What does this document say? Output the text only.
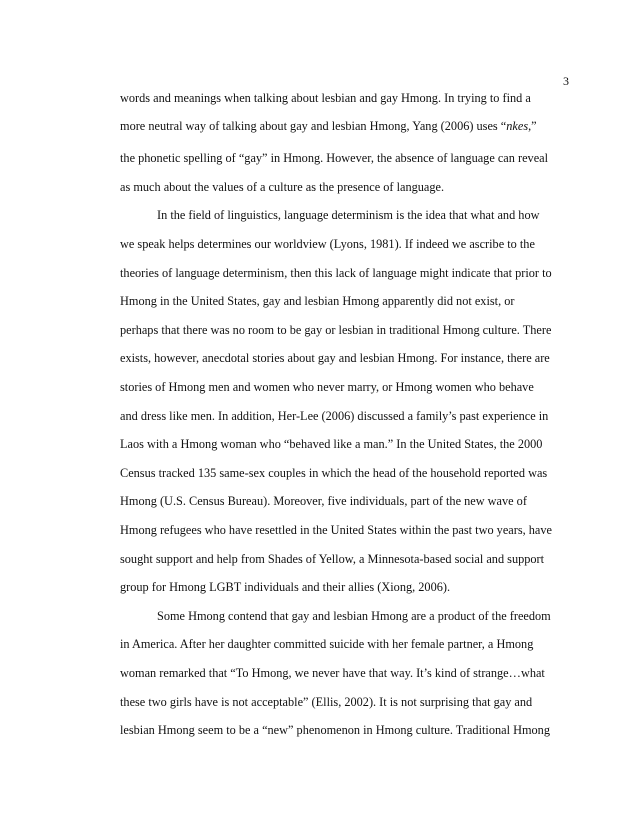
3
words and meanings when talking about lesbian and gay Hmong. In trying to find a
more neutral way of talking about gay and lesbian Hmong, Yang (2006) uses “nkes,”
the phonetic spelling of “gay” in Hmong. However, the absence of language can reveal
as much about the values of a culture as the presence of language.
In the field of linguistics, language determinism is the idea that what and how
we speak helps determines our worldview (Lyons, 1981). If indeed we ascribe to the
theories of language determinism, then this lack of language might indicate that prior to
Hmong in the United States, gay and lesbian Hmong apparently did not exist, or
perhaps that there was no room to be gay or lesbian in traditional Hmong culture. There
exists, however, anecdotal stories about gay and lesbian Hmong. For instance, there are
stories of Hmong men and women who never marry, or Hmong women who behave
and dress like men. In addition, Her-Lee (2006) discussed a family’s past experience in
Laos with a Hmong woman who “behaved like a man.” In the United States, the 2000
Census tracked 135 same-sex couples in which the head of the household reported was
Hmong (U.S. Census Bureau). Moreover, five individuals, part of the new wave of
Hmong refugees who have resettled in the United States within the past two years, have
sought support and help from Shades of Yellow, a Minnesota-based social and support
group for Hmong LGBT individuals and their allies (Xiong, 2006).
Some Hmong contend that gay and lesbian Hmong are a product of the freedom
in America. After her daughter committed suicide with her female partner, a Hmong
woman remarked that “To Hmong, we never have that way. It’s kind of strange…what
these two girls have is not acceptable” (Ellis, 2002). It is not surprising that gay and
lesbian Hmong seem to be a “new” phenomenon in Hmong culture. Traditional Hmong
